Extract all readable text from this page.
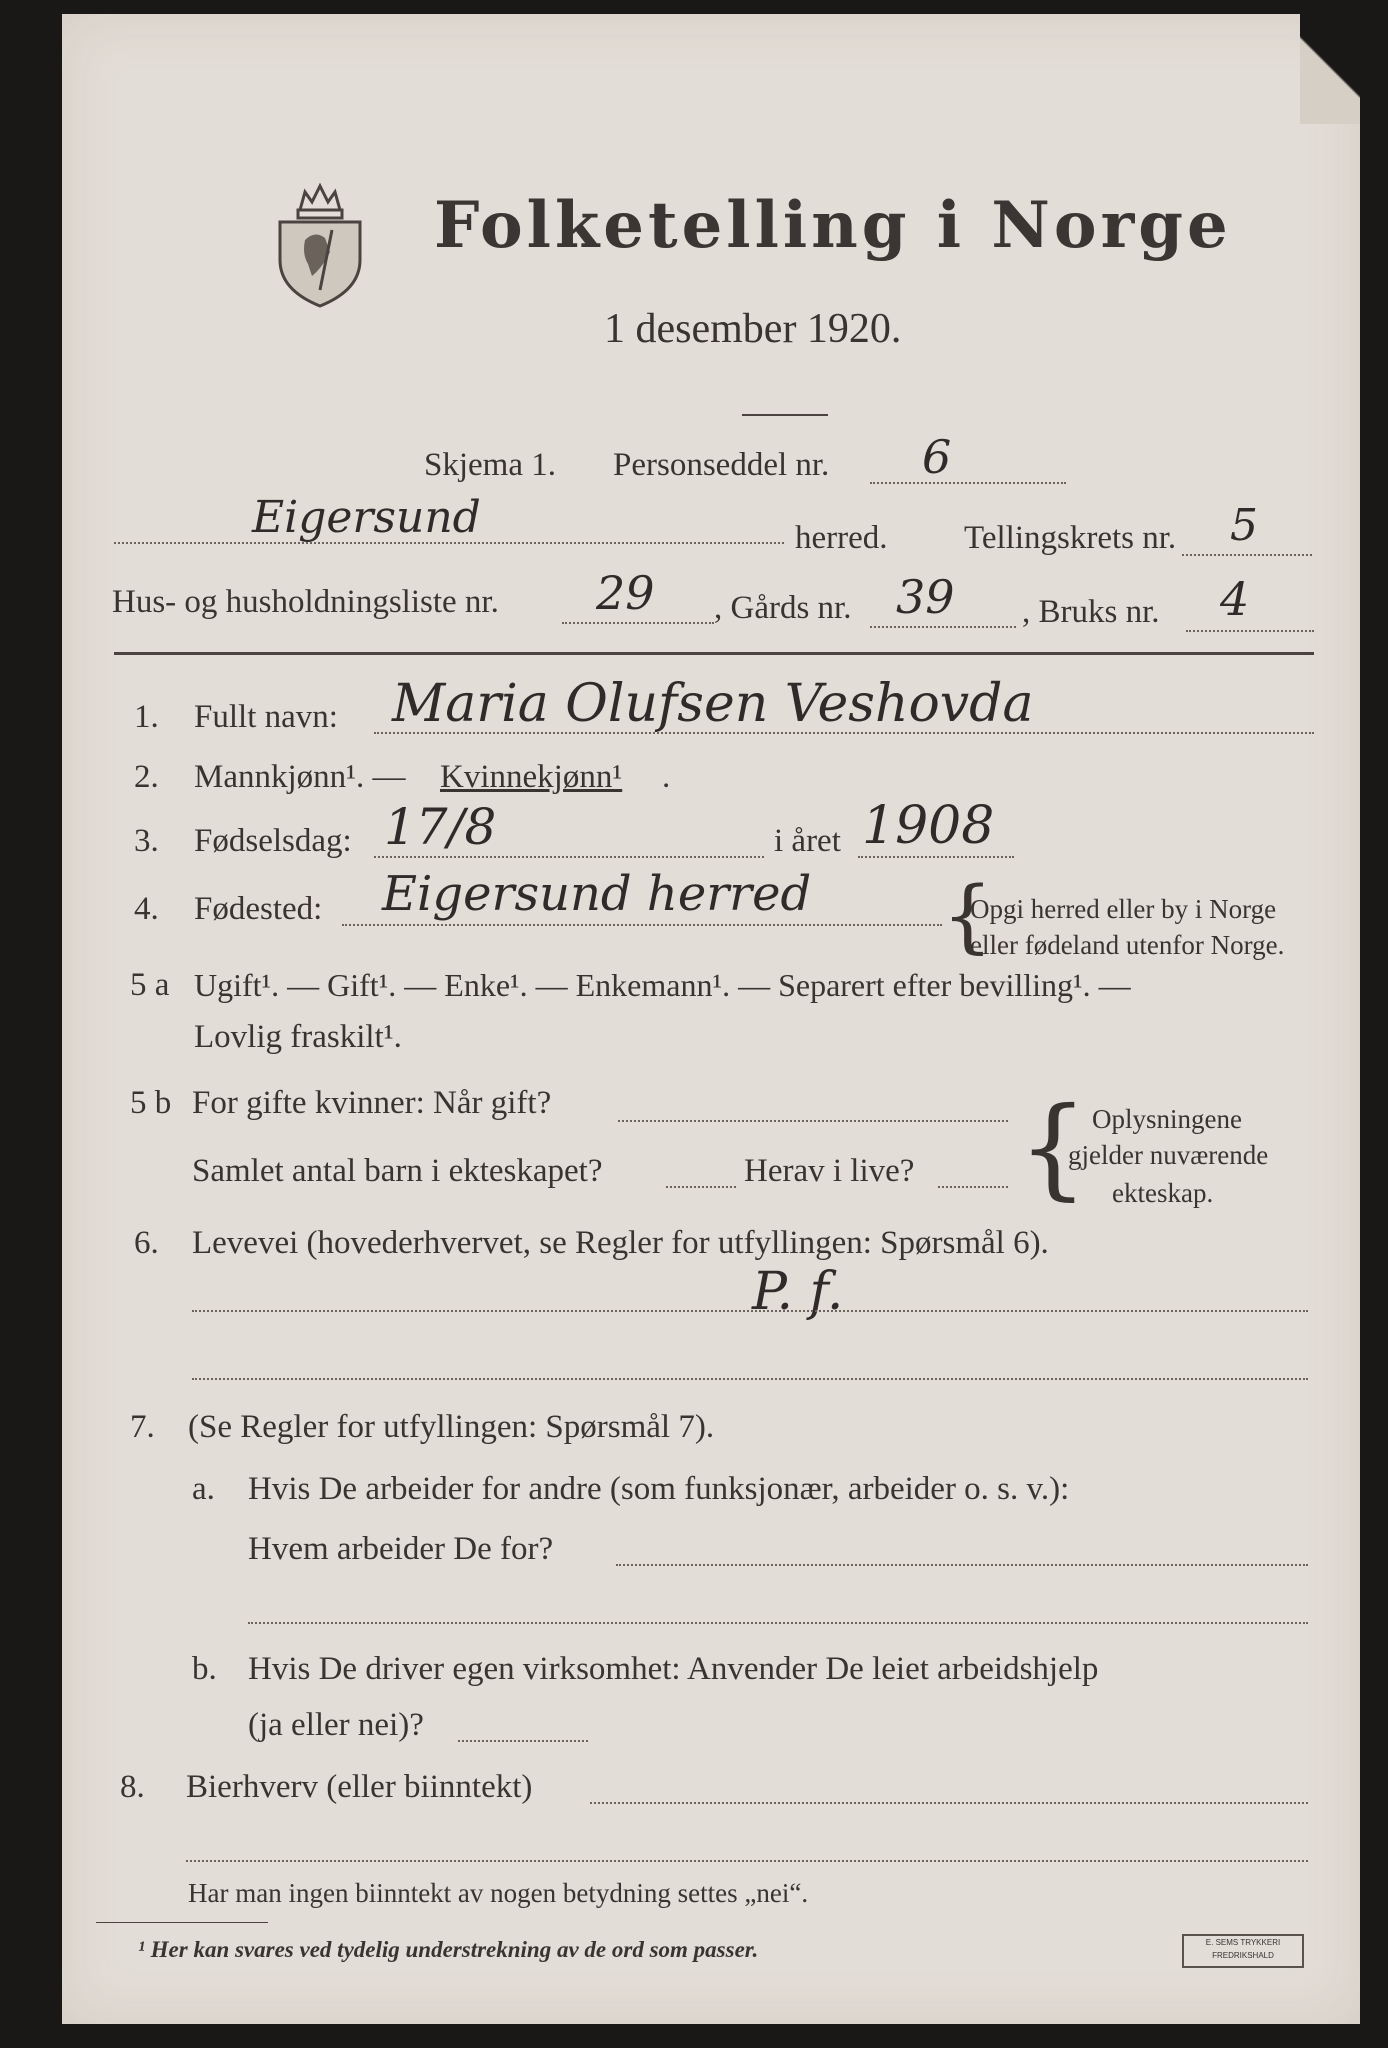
Folketelling i Norge
1 desember 1920.
Skjema 1. Personseddel nr. 6
Eigersund	herred. Tellingskrets nr. 5
Hus- og husholdningsliste nr. 29 , Gårds nr. 39 , Bruks nr. 4
1. Fullt navn: Maria Olufsen Veshovda
2. Mannkjønn¹. — Kvinnekjønn¹ .
3. Fødselsdag: 17/8	i året 1908
4. Fødested: Eigersund herred {
Opgi herred eller by i Norge
eller fødeland utenfor Norge.
5 a Ugift¹. — Gift¹. — Enke¹. — Enkemann¹. — Separert efter bevilling¹. —
Lovlig fraskilt¹.
5 b For gifte kvinner: Når gift?
Samlet antal barn i ekteskapet?	Herav i live? { Oplysningene
gjelder nuværende
ekteskap.
6. Levevei (hovederhvervet, se Regler for utfyllingen: Spørsmål 6).
P. f.
7. (Se Regler for utfyllingen: Spørsmål 7).
a. Hvis De arbeider for andre (som funksjonær, arbeider o. s. v.):
Hvem arbeider De for?
b. Hvis De driver egen virksomhet: Anvender De leiet arbeidshjelp
(ja eller nei)?
8. Bierhverv (eller biinntekt)
Har man ingen biinntekt av nogen betydning settes „nei“.
¹ Her kan svares ved tydelig understrekning av de ord som passer.	E. SEMS TRYKKERI FREDRIKSHALD
